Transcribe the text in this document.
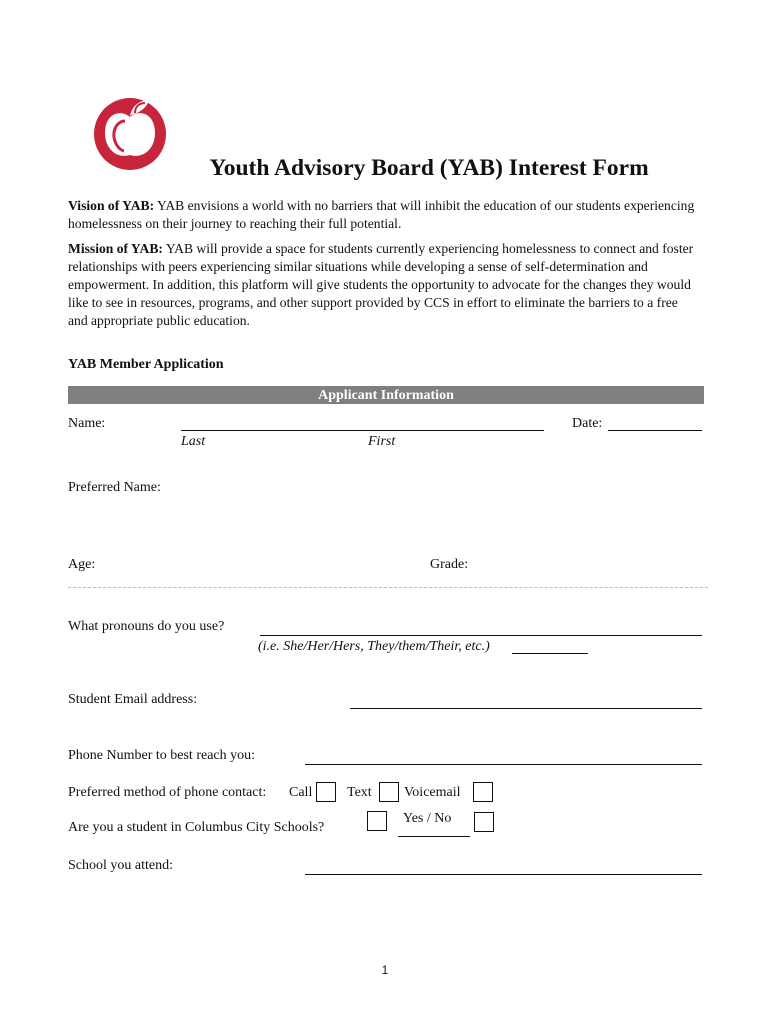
Youth Advisory Board (YAB) Interest Form
Vision of YAB: YAB envisions a world with no barriers that will inhibit the education of our students experiencing homelessness on their journey to reaching their full potential.
Mission of YAB: YAB will provide a space for students currently experiencing homelessness to connect and foster relationships with peers experiencing similar situations while developing a sense of self-determination and empowerment. In addition, this platform will give students the opportunity to advocate for the changes they would like to see in resources, programs, and other support provided by CCS in effort to eliminate the barriers to a free and appropriate public education.
YAB Member Application
Applicant Information
Name:
Last	First
Date:
Preferred Name:
Age:	Grade:
What pronouns do you use?
(i.e. She/Her/Hers, They/them/Their, etc.)
Student Email address:
Phone Number to best reach you:
Preferred method of phone contact: Call Text Voicemail
Are you a student in Columbus City Schools?
Yes / No
School you attend:
1
